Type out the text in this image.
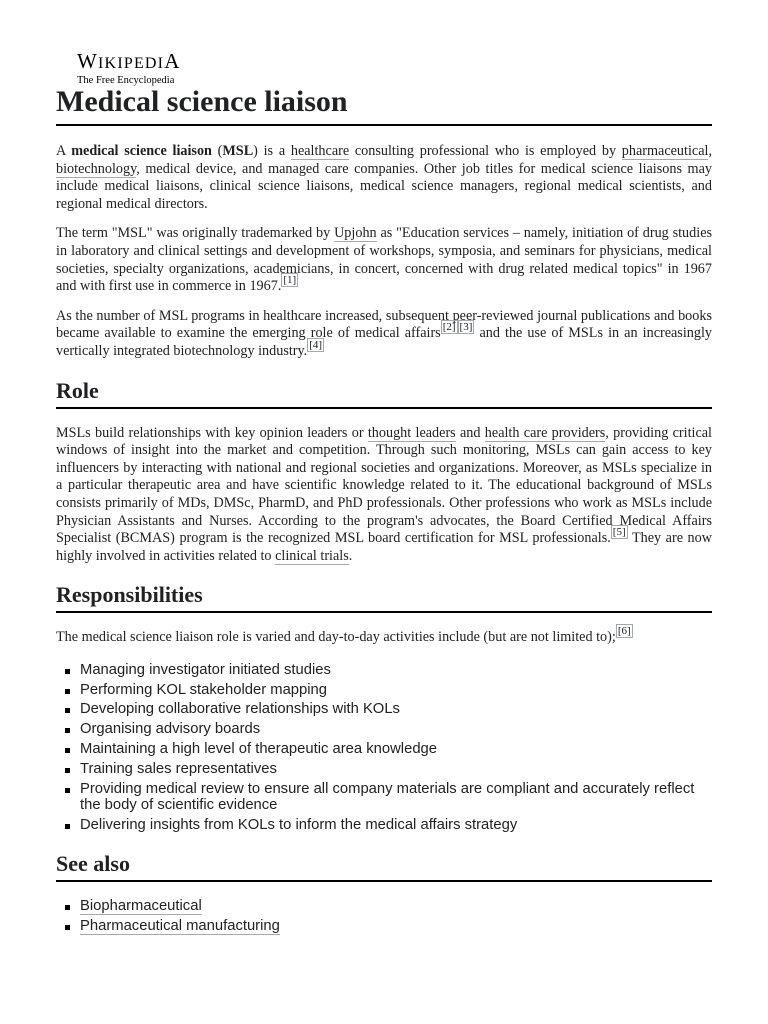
WIKIPEDIA
The Free Encyclopedia
Medical science liaison

A medical science liaison (MSL) is a healthcare consulting professional who is employed by pharmaceutical, biotechnology, medical device, and managed care companies. Other job titles for medical science liaisons may include medical liaisons, clinical science liaisons, medical science managers, regional medical scientists, and regional medical directors.

The term "MSL" was originally trademarked by Upjohn as "Education services – namely, initiation of drug studies in laboratory and clinical settings and development of workshops, symposia, and seminars for physicians, medical societies, specialty organizations, academicians, in concert, concerned with drug related medical topics" in 1967 and with first use in commerce in 1967. [1]

As the number of MSL programs in healthcare increased, subsequent peer-reviewed journal publications and books became available to examine the emerging role of medical affairs [2] [3] and the use of MSLs in an increasingly vertically integrated biotechnology industry. [4]

Role

MSLs build relationships with key opinion leaders or thought leaders and health care providers, providing critical windows of insight into the market and competition. Through such monitoring, MSLs can gain access to key influencers by interacting with national and regional societies and organizations. Moreover, as MSLs specialize in a particular therapeutic area and have scientific knowledge related to it. The educational background of MSLs consists primarily of MDs, DMSc, PharmD, and PhD professionals. Other professions who work as MSLs include Physician Assistants and Nurses. According to the program's advocates, the Board Certified Medical Affairs Specialist (BCMAS) program is the recognized MSL board certification for MSL professionals. [5] They are now highly involved in activities related to clinical trials.

Responsibilities

The medical science liaison role is varied and day-to-day activities include (but are not limited to); [6]

Managing investigator initiated studies
Performing KOL stakeholder mapping
Developing collaborative relationships with KOLs
Organising advisory boards
Maintaining a high level of therapeutic area knowledge
Training sales representatives
Providing medical review to ensure all company materials are compliant and accurately reflect the body of scientific evidence
Delivering insights from KOLs to inform the medical affairs strategy
See also
Biopharmaceutical
Pharmaceutical manufacturing
